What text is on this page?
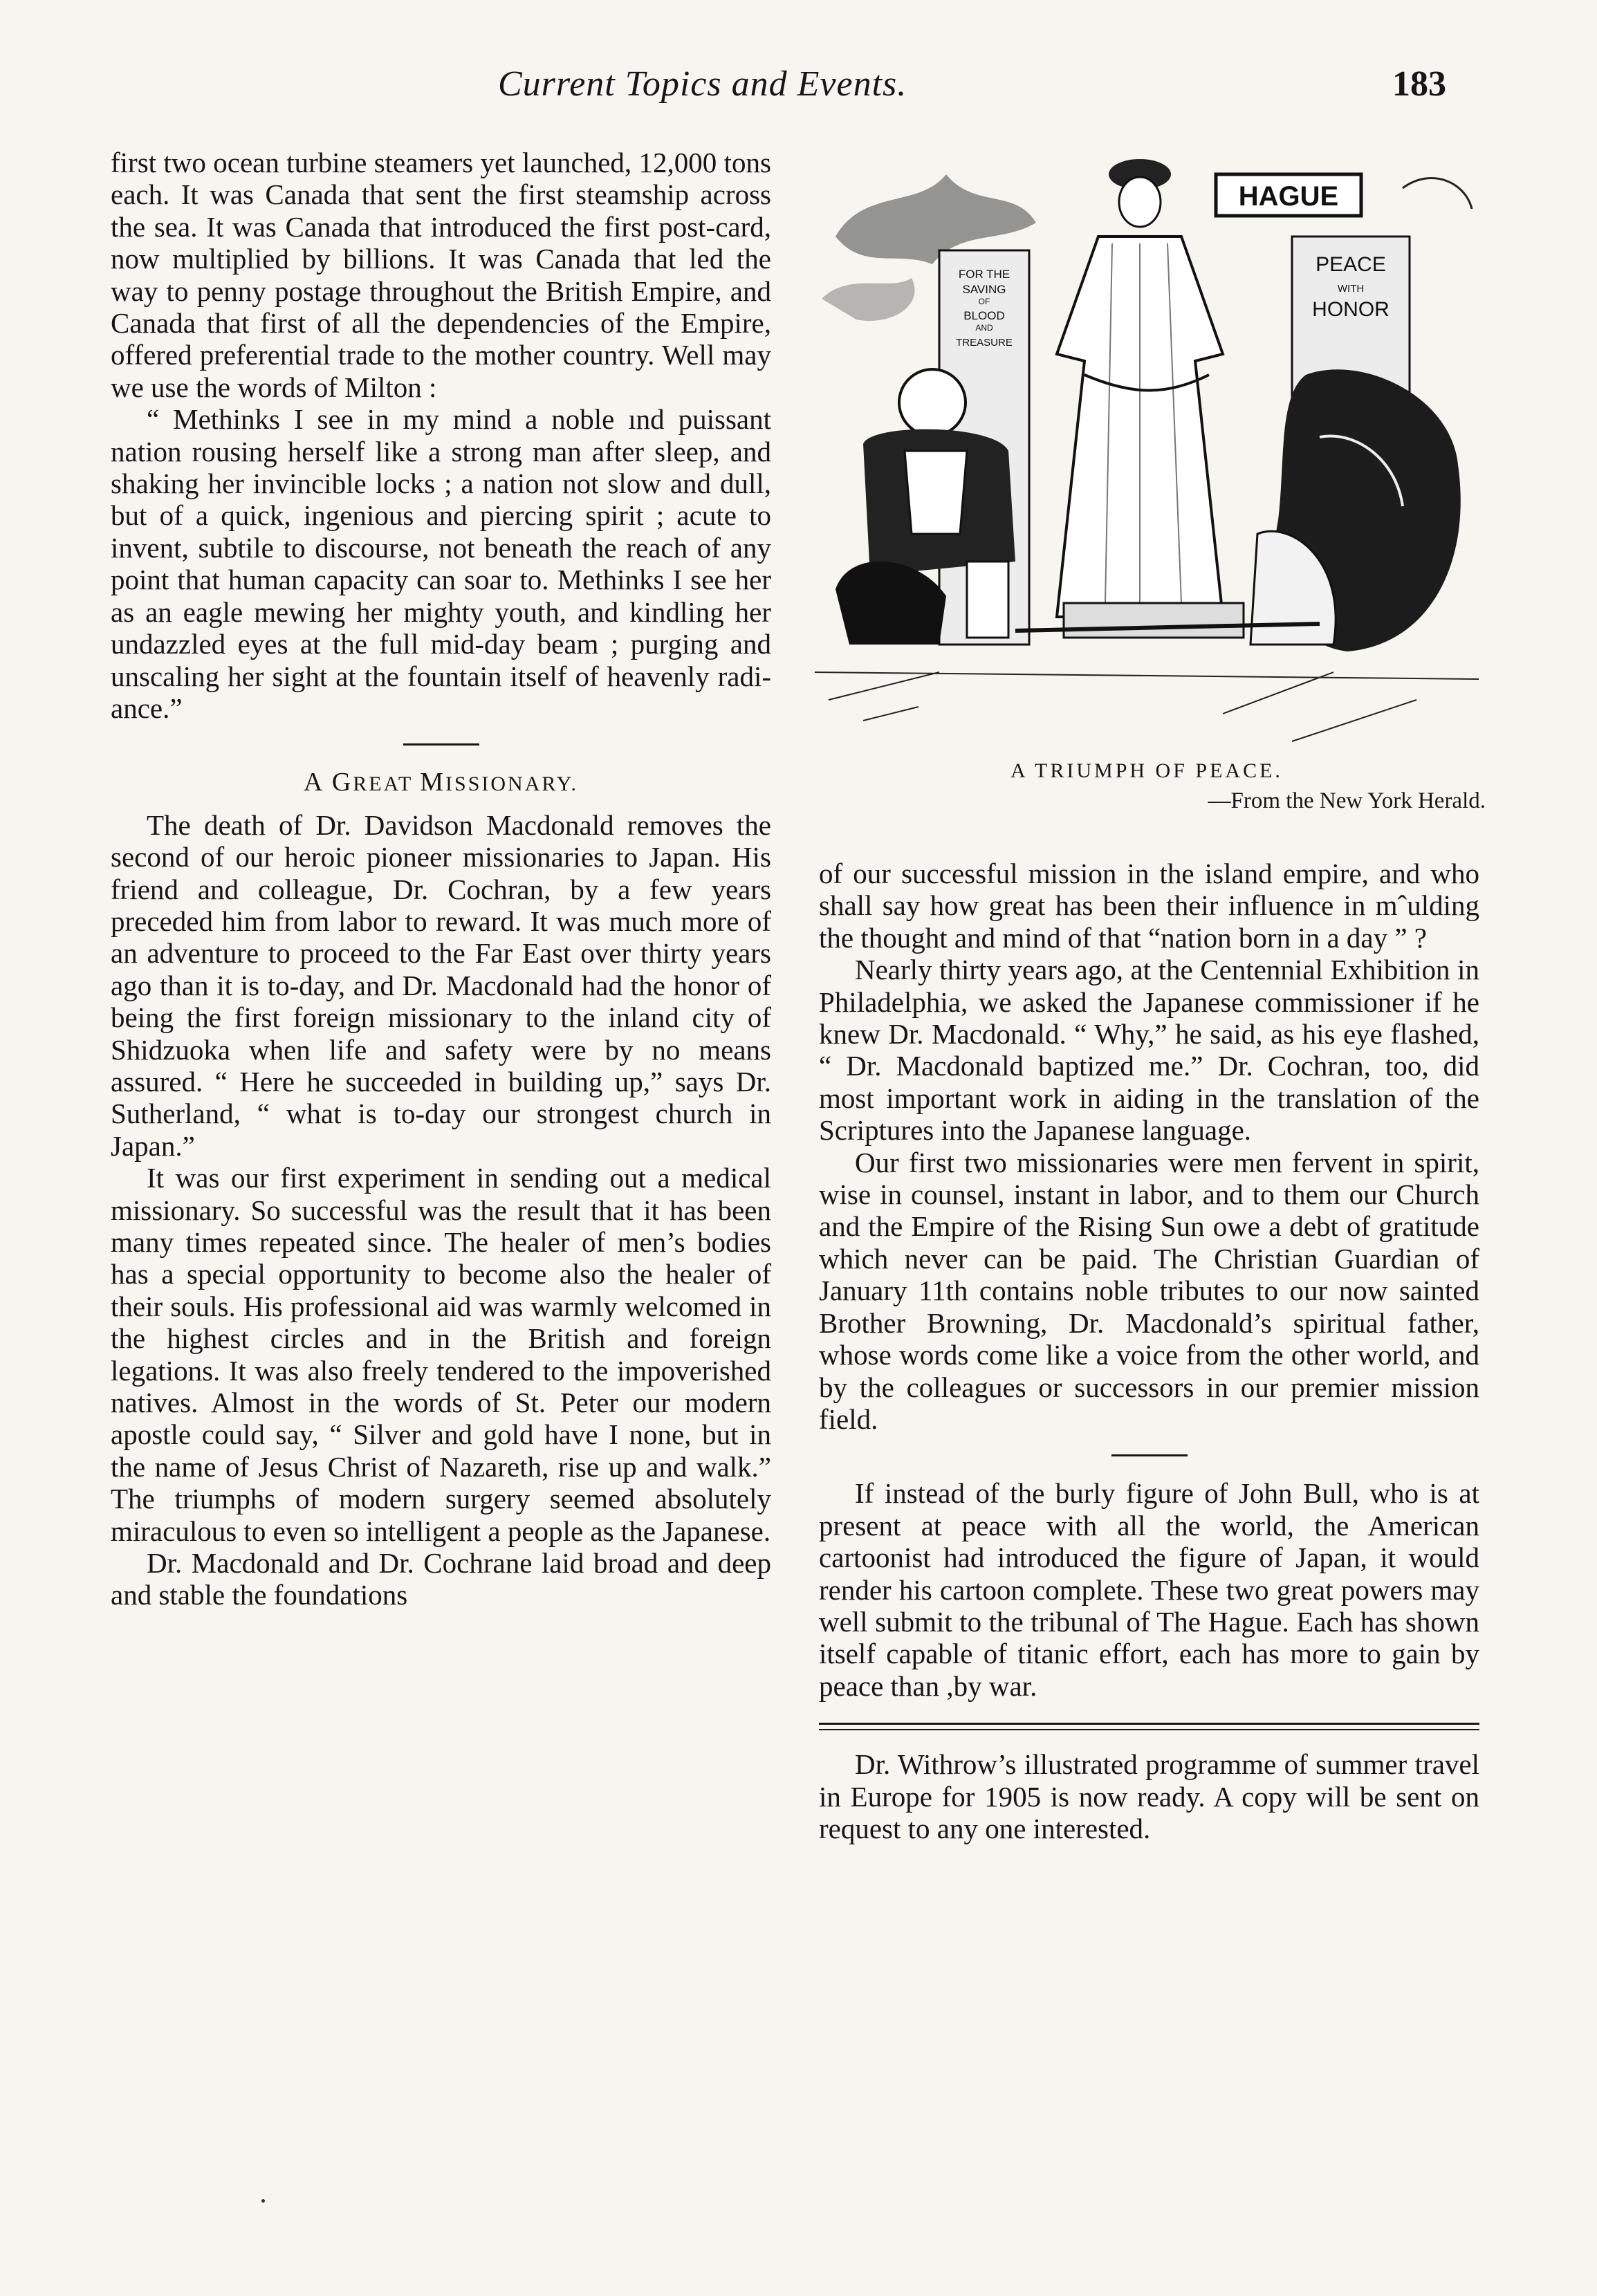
Current Topics and Events.	183

first two ocean turbine steamers yet launched, 12,000 tons each. It was Canada that sent the first steamship across the sea. It was Canada that introduced the first post-card, now multiplied by billions. It was Canada that led the way to penny postage throughout the British Empire, and Canada that first of all the dependencies of the Empire, offered preferential trade to the mother country. Well may we use the words of Milton :

“ Methinks I see in my mind a noble ınd puissant nation rousing herself like a strong man after sleep, and shaking her invincible locks ; a nation not slow and dull, but of a quick, ingenious and piercing spirit ; acute to invent, subtile to discourse, not beneath the reach of any point that human capacity can soar to. Methinks I see her as an eagle mewing her mighty youth, and kindling her undazzled eyes at the full mid-day beam ; purging and unscaling her sight at the fountain itself of heavenly radiance.”

A GREAT MISSIONARY.

The death of Dr. Davidson Macdonald removes the second of our heroic pioneer missionaries to Japan. His friend and colleague, Dr. Cochran, by a few years preceded him from labor to reward. It was much more of an adventure to proceed to the Far East over thirty years ago than it is to-day, and Dr. Macdonald had the honor of being the first foreign missionary to the inland city of Shidzuoka when life and safety were by no means assured. “ Here he succeeded in building up,” says Dr. Sutherland, “ what is to-day our strongest church in Japan.”

It was our first experiment in sending out a medical missionary. So successful was the result that it has been many times repeated since. The healer of men’s bodies has a special opportunity to become also the healer of their souls. His professional aid was warmly welcomed in the highest circles and in the British and foreign legations. It was also freely tendered to the impoverished natives. Almost in the words of St. Peter our modern apostle could say, “ Silver and gold have I none, but in the name of Jesus Christ of Nazareth, rise up and walk.” The triumphs of modern surgery seemed absolutely miraculous to even so intelligent a people as the Japanese.

Dr. Macdonald and Dr. Cochrane laid broad and deep and stable the foundations

HAGUE
FOR THE
SAVING
OF
BLOOD
AND
TREASURE
PEACE
WITH
HONOR
A TRIUMPH OF PEACE.
—From the New York Herald.

of our successful mission in the island empire, and who shall say how great has been their influence in mˆulding the thought and mind of that “nation born in a day ” ?

Nearly thirty years ago, at the Centennial Exhibition in Philadelphia, we asked the Japanese commissioner if he knew Dr. Macdonald. “ Why,” he said, as his eye flashed, “ Dr. Macdonald baptized me.” Dr. Cochran, too, did most important work in aiding in the translation of the Scriptures into the Japanese language.

Our first two missionaries were men fervent in spirit, wise in counsel, instant in labor, and to them our Church and the Empire of the Rising Sun owe a debt of gratitude which never can be paid. The Christian Guardian of January 11th contains noble tributes to our now sainted Brother Browning, Dr. Macdonald’s spiritual father, whose words come like a voice from the other world, and by the colleagues or successors in our premier mission field.

If instead of the burly figure of John Bull, who is at present at peace with all the world, the American cartoonist had introduced the figure of Japan, it would render his cartoon complete. These two great powers may well submit to the tribunal of The Hague. Each has shown itself capable of titanic effort, each has more to gain by peace than ,by war.

Dr. Withrow’s illustrated programme of summer travel in Europe for 1905 is now ready. A copy will be sent on request to any one interested.
